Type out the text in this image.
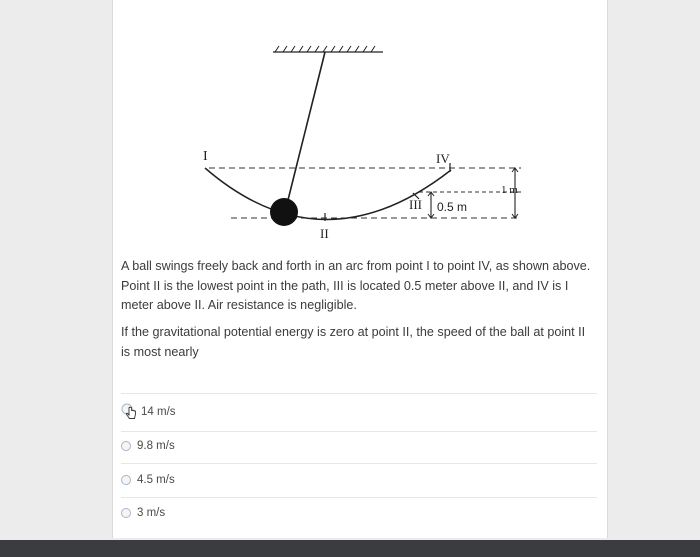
I
II
III
IV
0.5 m
1 m

A ball swings freely back and forth in an arc from point I to point IV, as shown above. Point II is the lowest point in the path, III is located 0.5 meter above II, and IV is I meter above II. Air resistance is negligible.

If the gravitational potential energy is zero at point II, the speed of the ball at point II is most nearly

14 m/s
9.8 m/s
4.5 m/s
3 m/s
